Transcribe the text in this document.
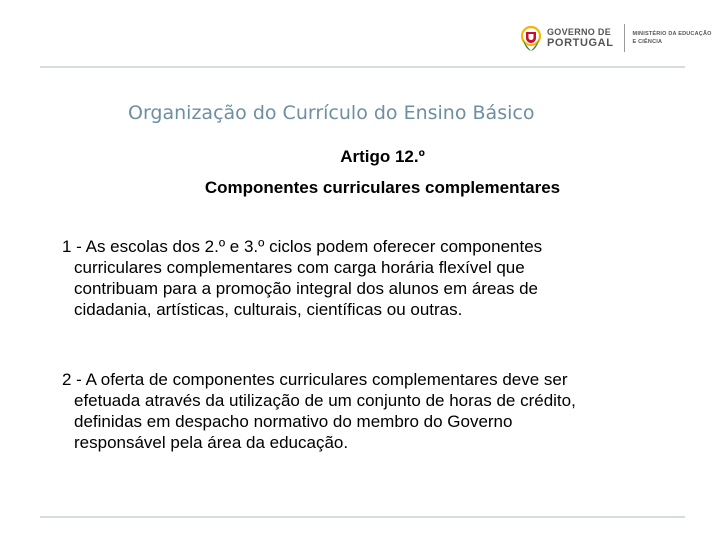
GOVERNO DE
PORTUGAL
MINISTÉRIO DA EDUCAÇÃO
E CIÊNCIA
Organização do Currículo do Ensino Básico
Artigo 12.º
Componentes curriculares complementares

1 - As escolas dos 2.º e 3.º ciclos podem oferecer componentes
curriculares complementares com carga horária flexível que
contribuam para a promoção integral dos alunos em áreas de
cidadania, artísticas, culturais, científicas ou outras.

2 - A oferta de componentes curriculares complementares deve ser
efetuada através da utilização de um conjunto de horas de crédito,
definidas em despacho normativo do membro do Governo
responsável pela área da educação.
